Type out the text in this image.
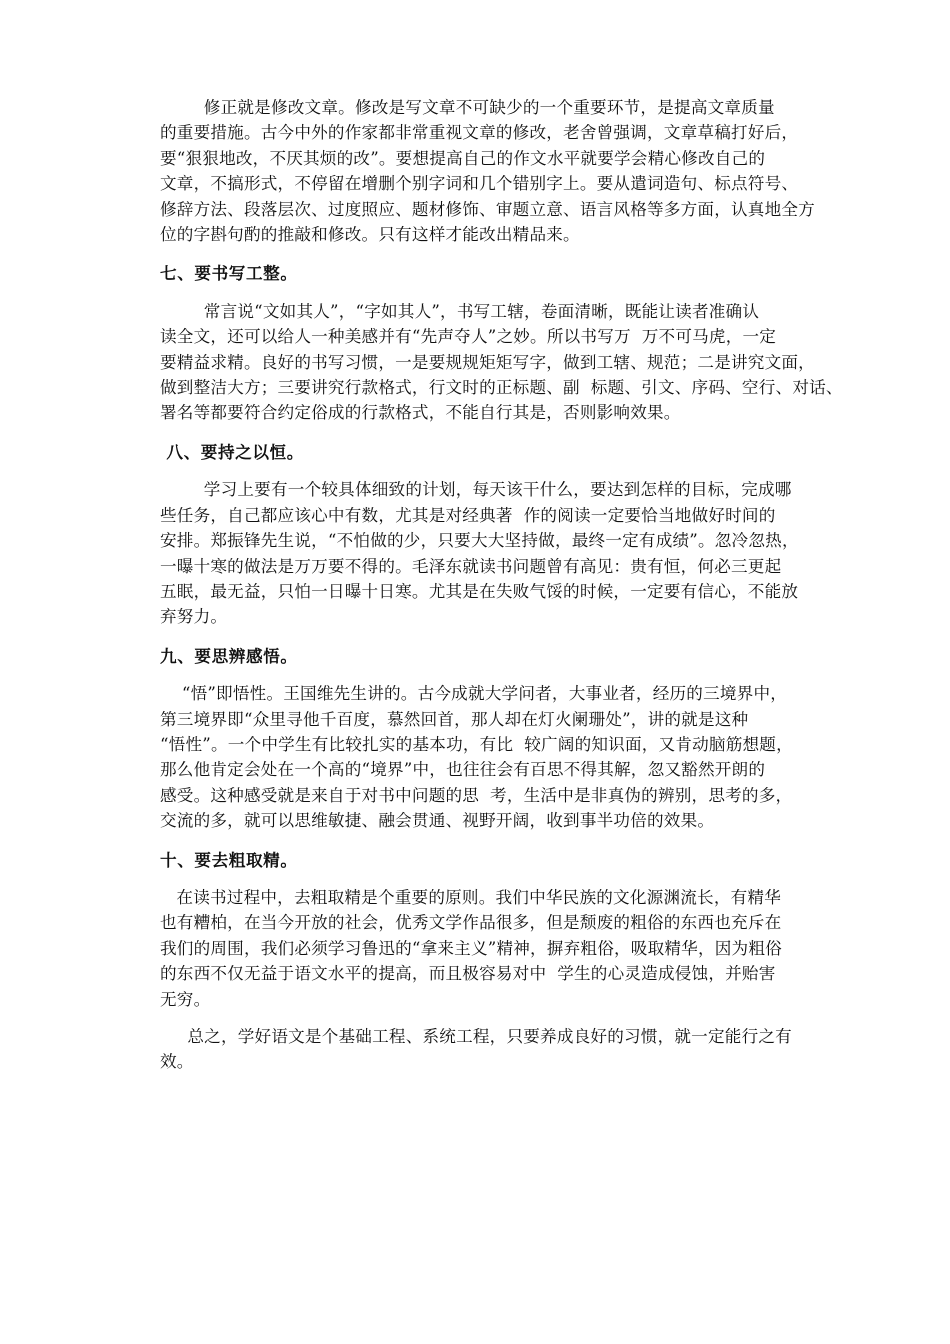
修正就是修改文章。修改是写文章不可缺少的一个重要环节，是提高文章质量
的重要措施。古今中外的作家都非常重视文章的修改，老舍曾强调，文章草稿打好后，
要“狠狠地改，不厌其烦的改”。要想提高自己的作文水平就要学会精心修改自己的
文章，不搞形式，不停留在增删个别字词和几个错别字上。要从遣词造句、标点符号、
修辞方法、段落层次、过度照应、题材修饰、审题立意、语言风格等多方面，认真地全方
位的字斟句酌的推敲和修改。只有这样才能改出精品来。

七、要书写工整。

常言说“文如其人”，“字如其人”，书写工辖，卷面清晰，既能让读者准确认
读全文，还可以给人一种美感并有“先声夺人”之妙。所以书写万  万不可马虎，一定
要精益求精。良好的书写习惯，一是要规规矩矩写字，做到工辖、规范；二是讲究文面，
做到整洁大方；三要讲究行款格式，行文时的正标题、副  标题、引文、序码、空行、对话、
署名等都要符合约定俗成的行款格式，不能自行其是，否则影响效果。

八、要持之以恒。

学习上要有一个较具体细致的计划，每天该干什么，要达到怎样的目标，完成哪
些任务，自己都应该心中有数，尤其是对经典著  作的阅读一定要恰当地做好时间的
安排。郑振锋先生说，“不怕做的少，只要大大坚持做，最终一定有成绩”。忽冷忽热，
一曝十寒的做法是万万要不得的。毛泽东就读书问题曾有高见：贵有恒，何必三更起
五眠，最无益，只怕一日曝十日寒。尤其是在失败气馁的时候，一定要有信心，不能放
弃努力。

九、要思辨感悟。

“悟”即悟性。王国维先生讲的。古今成就大学问者，大事业者，经历的三境界中，
第三境界即“众里寻他千百度，慕然回首，那人却在灯火阑珊处”，讲的就是这种
“悟性”。一个中学生有比较扎实的基本功，有比  较广阔的知识面，又肯动脑筋想题，
那么他肯定会处在一个高的“境界”中，也往往会有百思不得其解，忽又豁然开朗的
感受。这种感受就是来自于对书中问题的思  考，生活中是非真伪的辨别，思考的多，
交流的多，就可以思维敏捷、融会贯通、视野开阔，收到事半功倍的效果。

十、要去粗取精。

在读书过程中，去粗取精是个重要的原则。我们中华民族的文化源渊流长，有精华
也有糟柏，在当今开放的社会，优秀文学作品很多，但是颓废的粗俗的东西也充斥在
我们的周围，我们必须学习鲁迅的“拿来主义”精神，摒弃粗俗，吸取精华，因为粗俗
的东西不仅无益于语文水平的提高，而且极容易对中  学生的心灵造成侵蚀，并贻害
无穷。

总之，学好语文是个基础工程、系统工程，只要养成良好的习惯，就一定能行之有
效。
